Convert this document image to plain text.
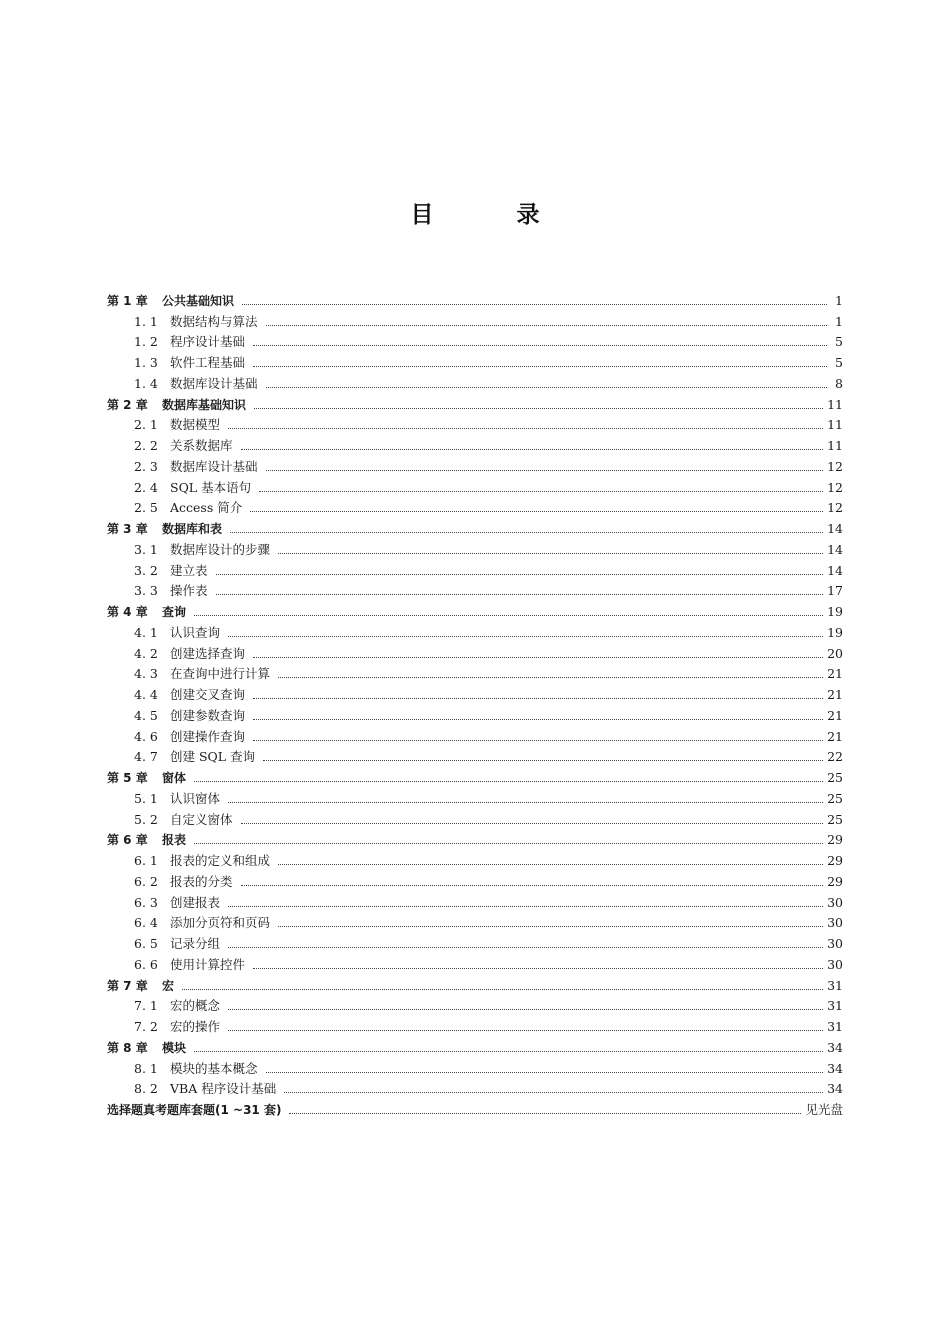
目　录
第 1 章	公共基础知识	1
1. 1 数据结构与算法	1
1. 2 程序设计基础	5
1. 3 软件工程基础	5
1. 4 数据库设计基础	8
第 2 章	数据库基础知识	11
2. 1 数据模型	11
2. 2 关系数据库	11
2. 3 数据库设计基础	12
2. 4 SQL 基本语句	12
2. 5 Access 简介	12
第 3 章	数据库和表	14
3. 1 数据库设计的步骤	14
3. 2 建立表	14
3. 3 操作表	17
第 4 章	查询	19
4. 1 认识查询	19
4. 2 创建选择查询	20
4. 3 在查询中进行计算	21
4. 4 创建交叉查询	21
4. 5 创建参数查询	21
4. 6 创建操作查询	21
4. 7 创建 SQL 查询	22
第 5 章	窗体	25
5. 1 认识窗体	25
5. 2 自定义窗体	25
第 6 章	报表	29
6. 1 报表的定义和组成	29
6. 2 报表的分类	29
6. 3 创建报表	30
6. 4 添加分页符和页码	30
6. 5 记录分组	30
6. 6 使用计算控件	30
第 7 章	宏	31
7. 1 宏的概念	31
7. 2 宏的操作	31
第 8 章	模块	34
8. 1 模块的基本概念	34
8. 2 VBA 程序设计基础	34
选择题真考题库套题(1 ~31 套)	见光盘
